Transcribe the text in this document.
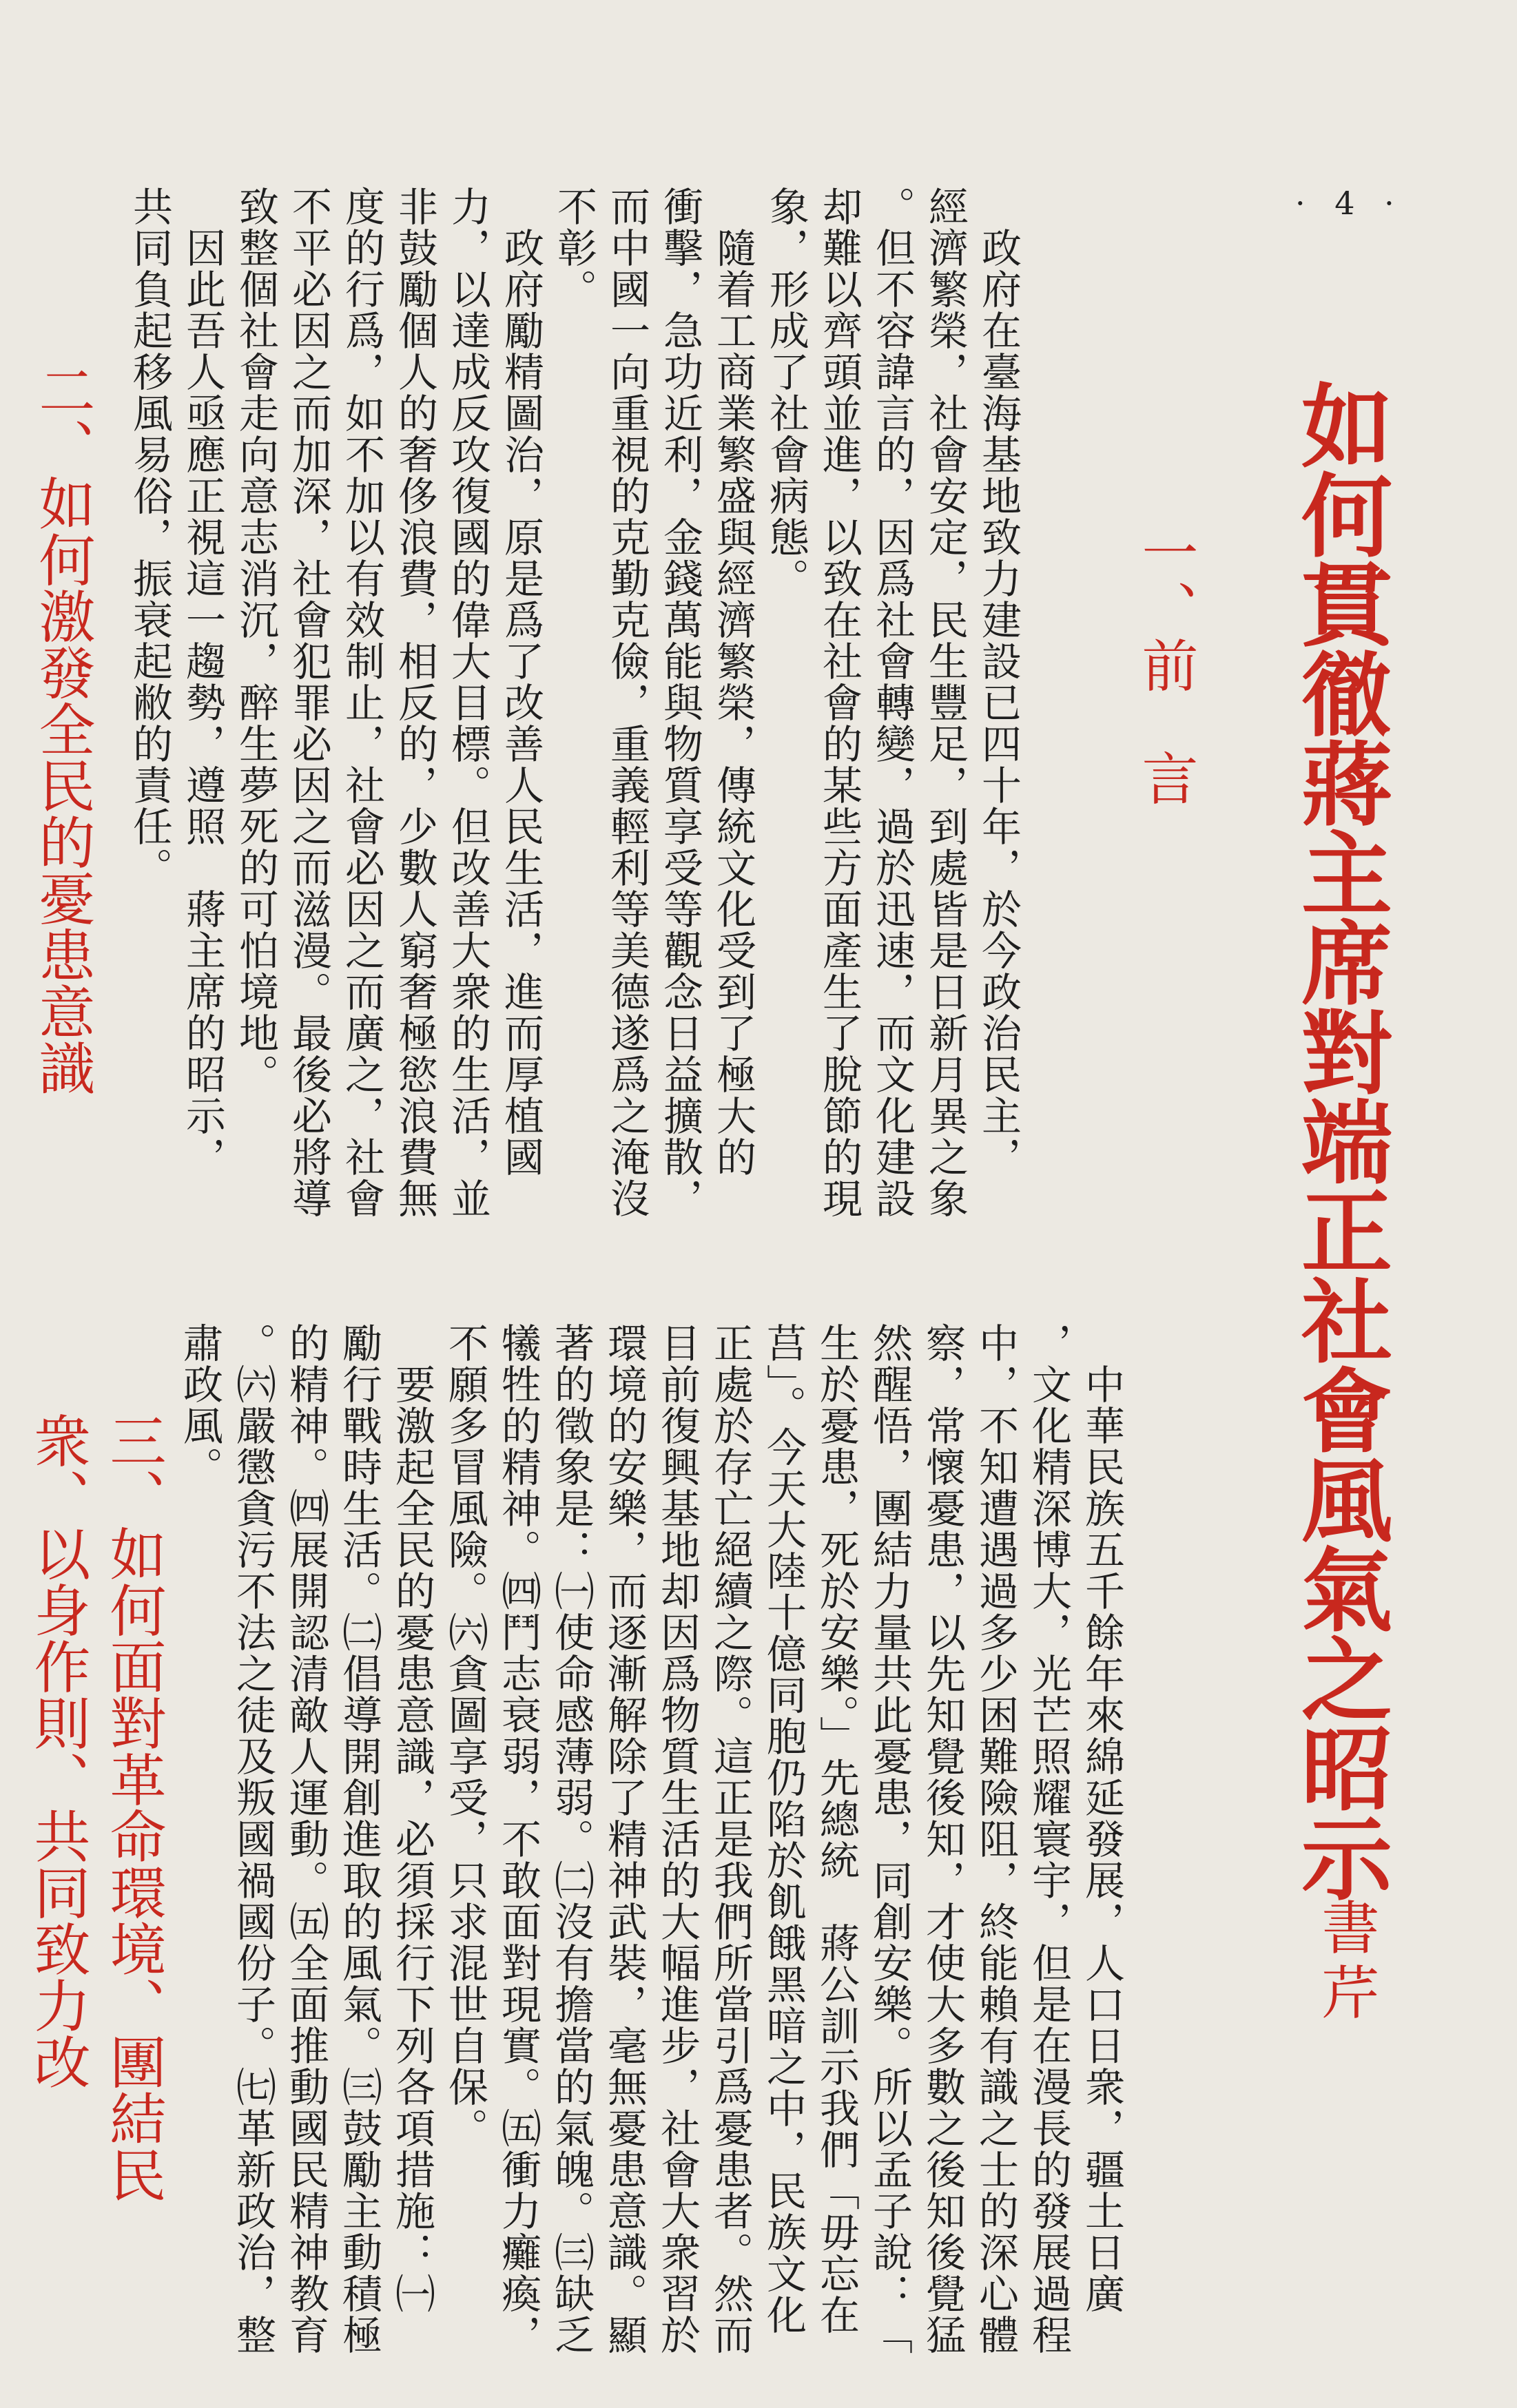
· 4 ·
如何貫徹蔣主席對端正社會風氣之昭示
書芹
　中華民族五千餘年來綿延發展，人口日衆，疆土日廣
，文化精深博大，光芒照耀寰宇，但是在漫長的發展過程
中，不知遭遇過多少困難險阻，終能賴有識之士的深心體
察，常懷憂患，以先知覺後知，才使大多數之後知後覺猛
然醒悟，團結力量共此憂患，同創安樂。所以孟子說：「
生於憂患，死於安樂。」先總統　蔣公訓示我們「毋忘在
莒」。今天大陸十億同胞仍陷於飢餓黑暗之中，民族文化
正處於存亡絕續之際。這正是我們所當引爲憂患者。然而
目前復興基地却因爲物質生活的大幅進步，社會大衆習於
環境的安樂，而逐漸解除了精神武裝，毫無憂患意識。顯
著的徵象是：㈠使命感薄弱。㈡沒有擔當的氣魄。㈢缺乏
犧牲的精神。㈣鬥志衰弱，不敢面對現實。㈤衝力癱瘓，
不願多冒風險。㈥貪圖享受，只求混世自保。
　要激起全民的憂患意識，必須採行下列各項措施：㈠
勵行戰時生活。㈡倡導開創進取的風氣。㈢鼓勵主動積極
的精神。㈣展開認清敵人運動。㈤全面推動國民精神教育
。㈥嚴懲貪污不法之徒及叛國禍國份子。㈦革新政治，整
肅政風。
一、前　言
　政府在臺海基地致力建設已四十年，於今政治民主，
經濟繁榮，社會安定，民生豐足，到處皆是日新月異之象
。但不容諱言的，因爲社會轉變，過於迅速，而文化建設
却難以齊頭並進，以致在社會的某些方面產生了脫節的現
象，形成了社會病態。
　隨着工商業繁盛與經濟繁榮，傳統文化受到了極大的
衝擊，急功近利，金錢萬能與物質享受等觀念日益擴散，
而中國一向重視的克勤克儉，重義輕利等美德遂爲之淹沒
不彰。
　政府勵精圖治，原是爲了改善人民生活，進而厚植國
力，以達成反攻復國的偉大目標。但改善大衆的生活，並
非鼓勵個人的奢侈浪費，相反的，少數人窮奢極慾浪費無
度的行爲，如不加以有效制止，社會必因之而廣之，社會
不平必因之而加深，社會犯罪必因之而滋漫。最後必將導
致整個社會走向意志消沉，醉生夢死的可怕境地。
　因此吾人亟應正視這一趨勢，遵照　蔣主席的昭示，
共同負起移風易俗，振衰起敝的責任。
二、如何激發全民的憂患意識
三、如何面對革命環境、團結民
衆、以身作則、共同致力改
